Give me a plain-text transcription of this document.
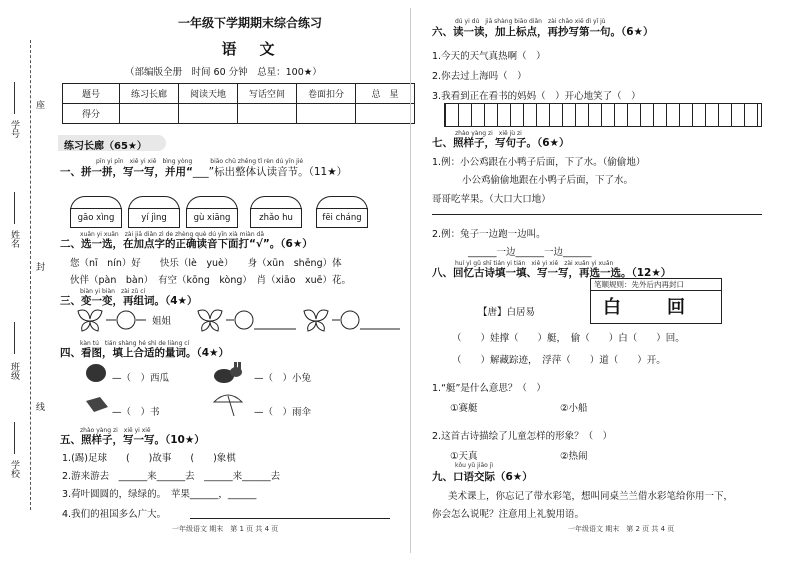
学号
姓名
班级
学校
座
封
线
一年级下学期期末综合练习
语　文
（部编版全册　时间 60 分钟　总星：100★）
题号	练习长廊	阅读天地	写话空间	卷面扣分	总　星
得分					
练习长廊（65★）
pīn yi pīn　xiě yi xiě　bìng yòng　　　biāo chū zhěng tǐ rèn dú yīn jié
一、拼一拼，写一写，并用“___”标出整体认读音节。（11★）
gāo xìng	yí jìng	gù xiāng	zhǎo hu	fēi cháng
xuǎn yi xuǎn　zài jiā diǎn zì de zhèng què dú yīn xià miàn dǎ
二、选一选，在加点字的正确读音下面打“√”。（6★）
您（nī　nín）好　　快乐（lè　yuè）　　身（xūn　shēng）体
伙伴（pàn　bàn）　有空（kōng　kòng）　肖（xiāo　xuē）花。
biàn yi biàn　zài zǔ cí
三、变一变，再组词。（4★）
姐姐
kàn tú　tián shàng hé shì de liàng cí
四、看图，填上合适的量词。（4★）
—（　）西瓜	—（　）小兔
—（　）书	—（　）雨伞
zhào yàng zi　xiě yi xiě
五、照样子，写一写。（10★）
1.(踢)足球　　(　　)故事　　(　　)象棋
2.游来游去　______来______去　______来______去
3.荷叶圆圆的，绿绿的。　苹果______，______
4.我们的祖国多么广大。
一年级语文 期末　第 1 页 共 4 页
dú yi dú　jiā shàng biāo diǎn　zài chāo xiě dì yī jù
六、读一读，加上标点，再抄写第一句。（6★）
1.今天的天气真热啊（　）
2.你去过上海吗（　）
3.我看到正在看书的妈妈（　）开心地笑了（　）
zhào yàng zi　xiě jù zi
七、照样子，写句子。（6★）
1.例：小公鸡跟在小鸭子后面，下了水。（偷偷地）
小公鸡偷偷地跟在小鸭子后面，下了水。
哥哥吃苹果。（大口大口地）
2.例：兔子一边跑一边叫。
______一边______一边______
huí yì gǔ shī tián yi tián　xiě yi xiě　zài xuǎn yi xuǎn
八、回忆古诗填一填、写一写，再选一选。（12★）
笔顺规则：先外后内再封口
白	回
【唐】白居易
（　　）娃撑（　　）艇，　偷（　　）白（　　）回。
（　　）解藏踪迹，　浮萍（　　）道（　　）开。
1.“艇”是什么意思？（　）
①赛艇	②小船
2.这首古诗描绘了儿童怎样的形象？（　）
①天真	②热闹
kǒu yǔ jiāo jì
九、口语交际（6★）
美术课上，你忘记了带水彩笔，想叫同桌兰兰借水彩笔给你用一下，
你会怎么说呢？注意用上礼貌用语。
一年级语文 期末　第 2 页 共 4 页
